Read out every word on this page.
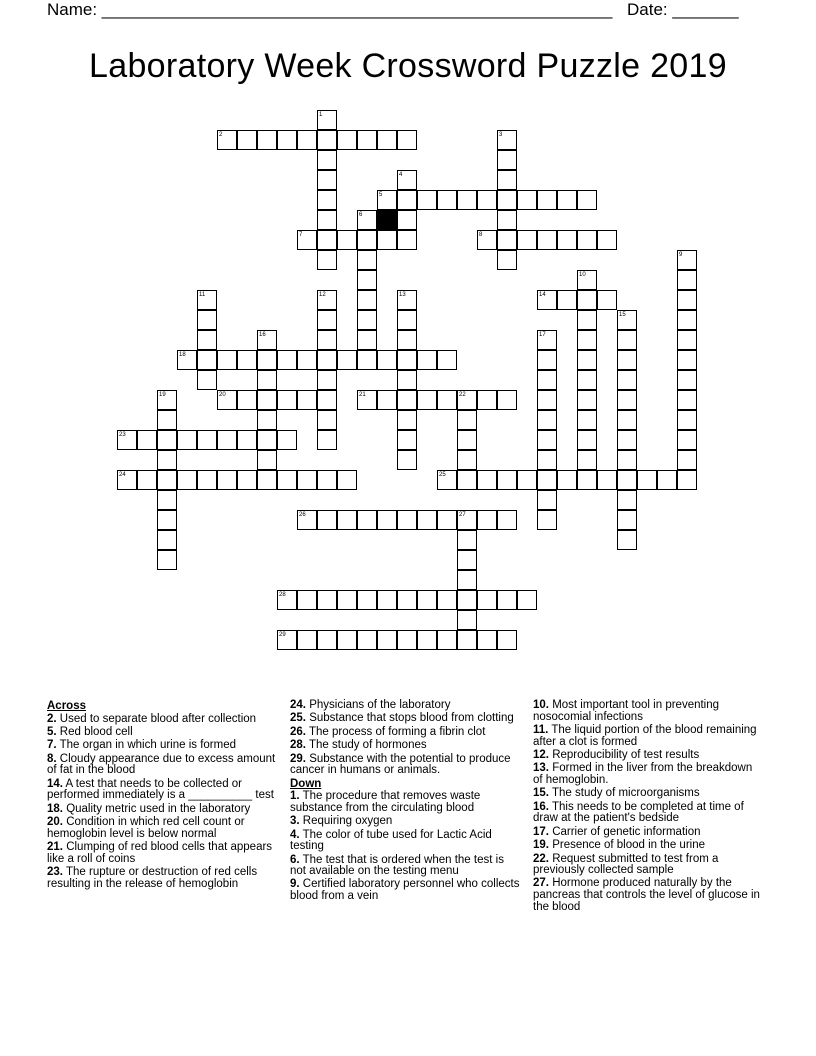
Name: ______________________________________________________ Date: _______
Laboratory Week Crossword Puzzle 2019
1
2	3
4
5
6
7	8
9
10
11	12	13	14
15
16	17
18
19	20	21	22
23
24	25
26	27
28
29
Across
2. Used to separate blood after collection
5. Red blood cell
7. The organ in which urine is formed
8. Cloudy appearance due to excess amount of fat in the blood
14. A test that needs to be collected or performed immediately is a __________ test
18. Quality metric used in the laboratory
20. Condition in which red cell count or hemoglobin level is below normal
21. Clumping of red blood cells that appears like a roll of coins
23. The rupture or destruction of red cells resulting in the release of hemoglobin
24. Physicians of the laboratory
25. Substance that stops blood from clotting
26. The process of forming a fibrin clot
28. The study of hormones
29. Substance with the potential to produce cancer in humans or animals.
Down
1. The procedure that removes waste substance from the circulating blood
3. Requiring oxygen
4. The color of tube used for Lactic Acid testing
6. The test that is ordered when the test is not available on the testing menu
9. Certified laboratory personnel who collects blood from a vein
10. Most important tool in preventing nosocomial infections
11. The liquid portion of the blood remaining after a clot is formed
12. Reproducibility of test results
13. Formed in the liver from the breakdown of hemoglobin.
15. The study of microorganisms
16. This needs to be completed at time of draw at the patient's bedside
17. Carrier of genetic information
19. Presence of blood in the urine
22. Request submitted to test from a previously collected sample
27. Hormone produced naturally by the pancreas that controls the level of glucose in the blood
